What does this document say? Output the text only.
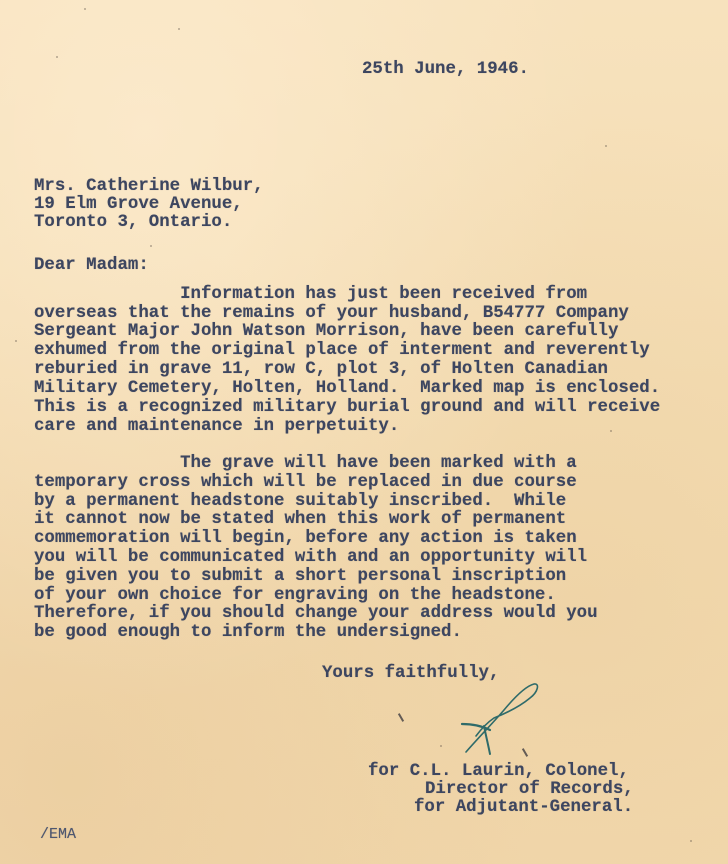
25th June, 1946.
Mrs. Catherine Wilbur,
19 Elm Grove Avenue,
Toronto 3, Ontario.
Dear Madam:
Information has just been received from
overseas that the remains of your husband, B54777 Company
Sergeant Major John Watson Morrison, have been carefully
exhumed from the original place of interment and reverently
reburied in grave 11, row C, plot 3, of Holten Canadian
Military Cemetery, Holten, Holland.  Marked map is enclosed.
This is a recognized military burial ground and will receive
care and maintenance in perpetuity.
The grave will have been marked with a
temporary cross which will be replaced in due course
by a permanent headstone suitably inscribed.  While
it cannot now be stated when this work of permanent
commemoration will begin, before any action is taken
you will be communicated with and an opportunity will
be given you to submit a short personal inscription
of your own choice for engraving on the headstone.
Therefore, if you should change your address would you
be good enough to inform the undersigned.
Yours faithfully,
for C.L. Laurin, Colonel,
Director of Records,
for Adjutant-General.
/EMA
